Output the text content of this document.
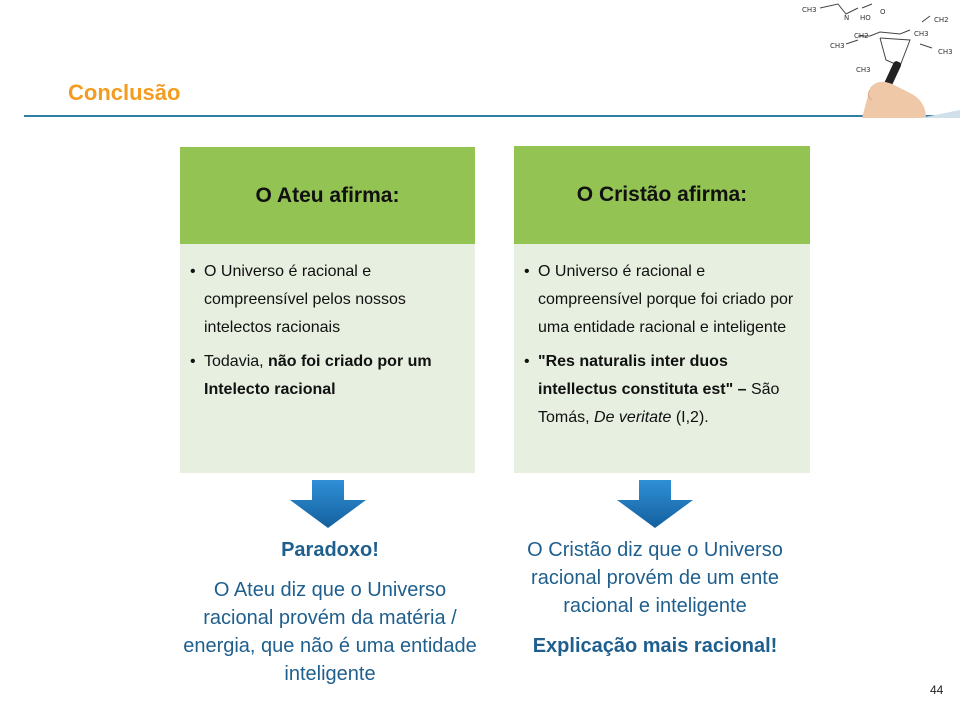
Conclusão
CH3
N HO
O
CH2
CH2	CH3
CH3
CH3
CH3
O Ateu afirma:
• O Universo é racional e compreensível pelos nossos intelectos racionais
• Todavia, não foi criado por um Intelecto racional
O Cristão afirma:
• O Universo é racional e compreensível porque foi criado por uma entidade racional e inteligente
• "Res naturalis inter duos intellectus constituta est" – São Tomás, De veritate (I,2).
Paradoxo!
O Ateu diz que o Universo racional provém da matéria / energia, que não é uma entidade inteligente
O Cristão diz que o Universo racional provém de um ente racional e inteligente
Explicação mais racional!
44
